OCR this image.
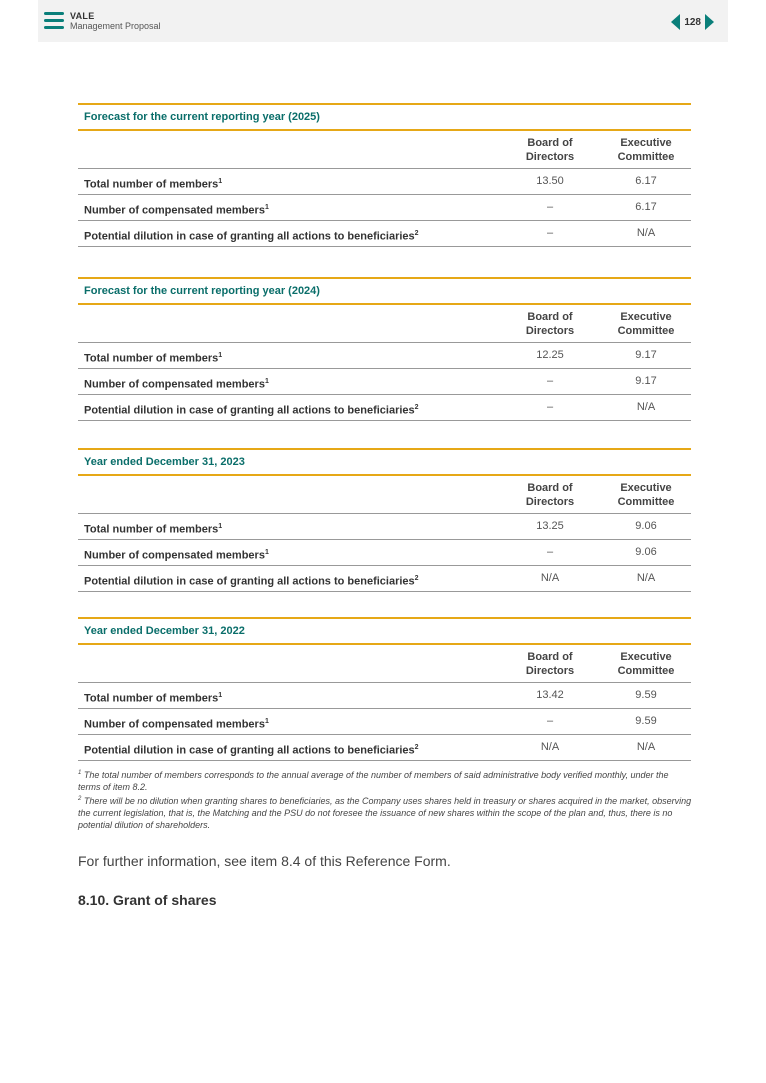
VALE
Management Proposal	128
Forecast for the current reporting year (2025)
Board of
Directors
Executive
Committee
Total number of members$^1$	13.50	6.17
Number of compensated members$^1$	–	6.17
Potential dilution in case of granting all actions to beneficiaries$^2$	–	N/A
Forecast for the current reporting year (2024)
Board of
Directors
Executive
Committee
Total number of members$^1$	12.25	9.17
Number of compensated members$^1$	–	9.17
Potential dilution in case of granting all actions to beneficiaries$^2$	–	N/A
Year ended December 31, 2023
Board of
Directors
Executive
Committee
Total number of members$^1$	13.25	9.06
Number of compensated members$^1$	–	9.06
Potential dilution in case of granting all actions to beneficiaries$^2$	N/A	N/A
Year ended December 31, 2022
Board of
Directors
Executive
Committee
Total number of members$^1$	13.42	9.59
Number of compensated members$^1$	–	9.59
Potential dilution in case of granting all actions to beneficiaries$^2$	N/A	N/A
$^1$ The total number of members corresponds to the annual average of the number of members of said administrative body verified monthly, under the terms of item 8.2.
$^2$ There will be no dilution when granting shares to beneficiaries, as the Company uses shares held in treasury or shares acquired in the market, observing the current legislation, that is, the Matching and the PSU do not foresee the issuance of new shares within the scope of the plan and, thus, there is no potential dilution of shareholders.
For further information, see item 8.4 of this Reference Form.
8.10. Grant of shares
